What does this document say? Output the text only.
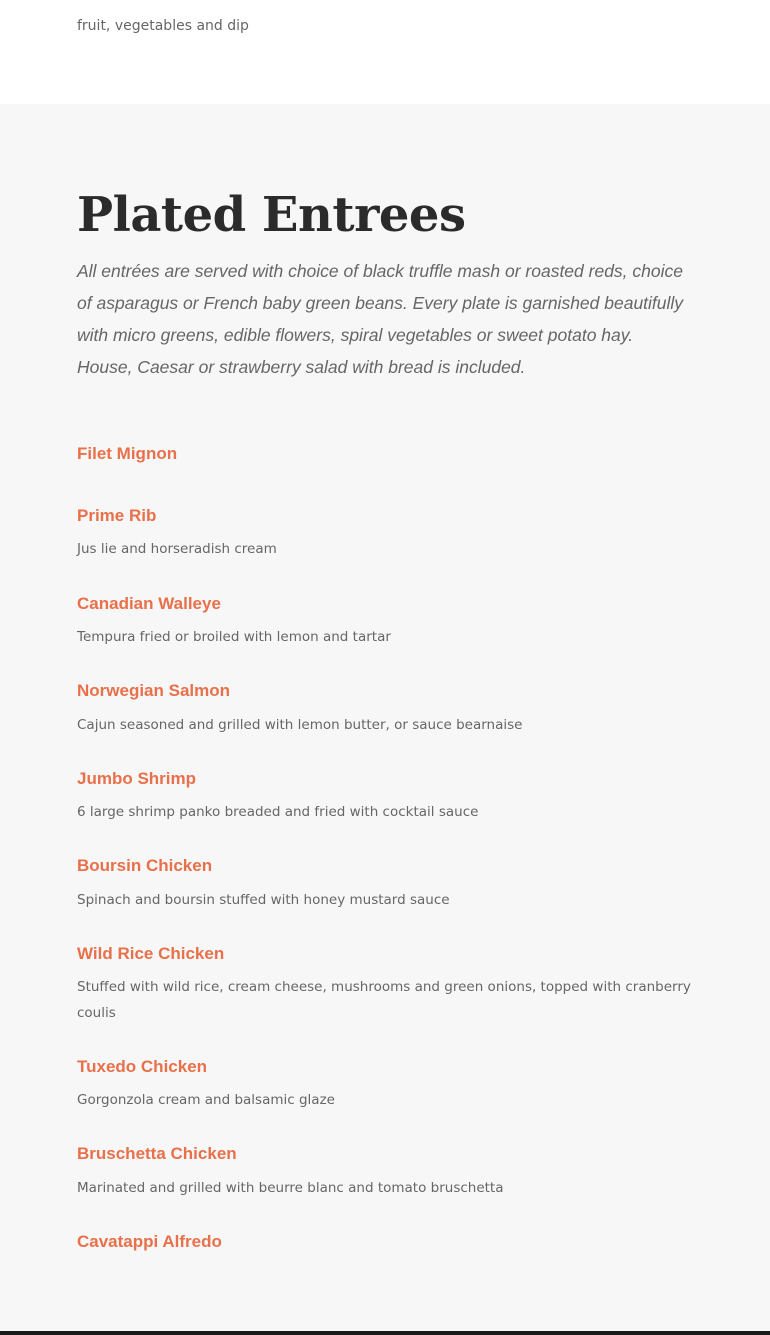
fruit, vegetables and dip

Plated Entrees

All entrées are served with choice of black truffle mash or roasted reds, choice of asparagus or French baby green beans. Every plate is garnished beautifully with micro greens, edible flowers, spiral vegetables or sweet potato hay. House, Caesar or strawberry salad with bread is included.

Filet Mignon
Prime Rib

Jus lie and horseradish cream

Canadian Walleye

Tempura fried or broiled with lemon and tartar

Norwegian Salmon

Cajun seasoned and grilled with lemon butter, or sauce bearnaise

Jumbo Shrimp

6 large shrimp panko breaded and fried with cocktail sauce

Boursin Chicken

Spinach and boursin stuffed with honey mustard sauce

Wild Rice Chicken

Stuffed with wild rice, cream cheese, mushrooms and green onions, topped with cranberry coulis

Tuxedo Chicken

Gorgonzola cream and balsamic glaze

Bruschetta Chicken

Marinated and grilled with beurre blanc and tomato bruschetta

Cavatappi Alfredo
